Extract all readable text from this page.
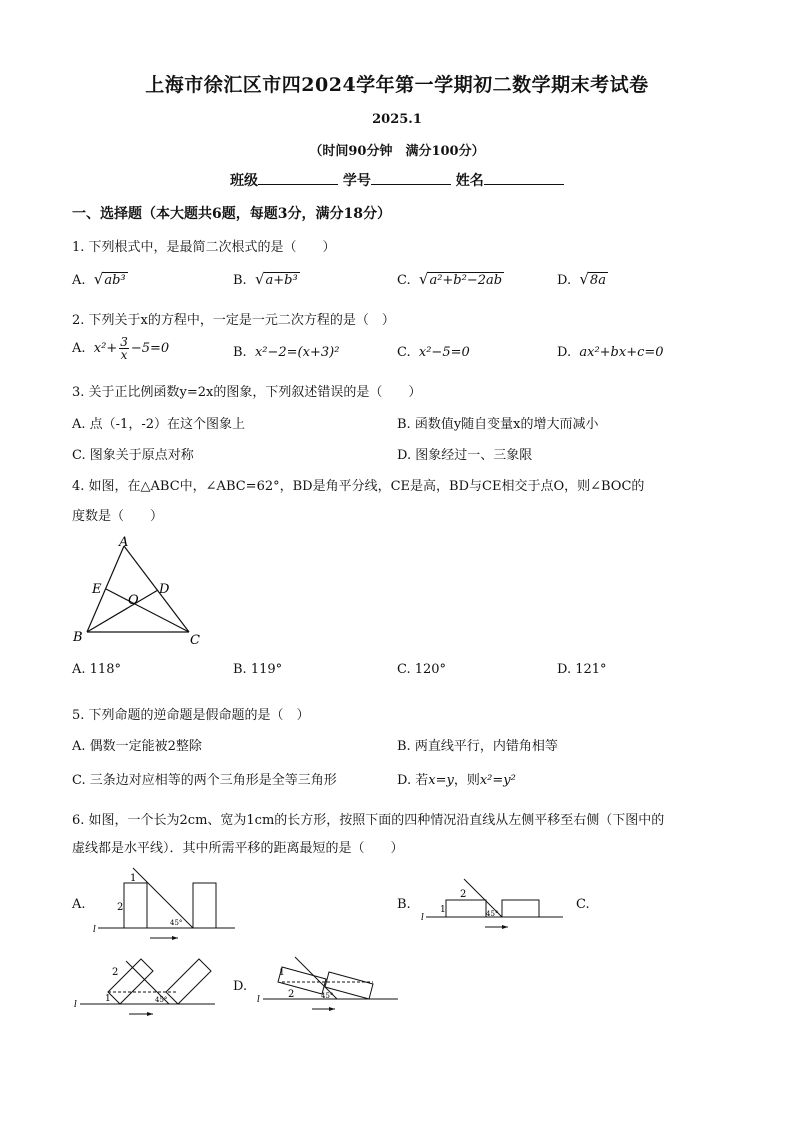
上海市徐汇区市四2024学年第一学期初二数学期末考试卷
2025.1
（时间90分钟　满分100分）
班级	学号	姓名
一、选择题（本大题共6题，每题3分，满分18分）
1. 下列根式中，是最简二次根式的是（　　）
A. √ab³	B. √a+b³	C. √a²+b²−2ab	D. √8a
2. 下列关于x的方程中，一定是一元二次方程的是（　）
A. $x^2+ \frac{3}{x} -5=0$	B. x²−2=(x+3)²	C. x²−5=0	D. ax²+bx+c=0
3. 关于正比例函数y=2x的图象，下列叙述错误的是（　　）
A. 点（-1，-2）在这个图象上	B. 函数值y随自变量x的增大而减小
C. 图象关于原点对称	D. 图象经过一、三象限
4. 如图，在△ABC中，∠ABC=62°，BD是角平分线，CE是高，BD与CE相交于点O，则∠BOC的
度数是（　　）
A
E	D
O
B	C
A. 118°	B. 119°	C. 120°	D. 121°
5. 下列命题的逆命题是假命题的是（　）
A. 偶数一定能被2整除	B. 两直线平行，内错角相等
C. 三条边对应相等的两个三角形是全等三角形	D. 若x=y，则x²=y²
6. 如图，一个长为2cm、宽为1cm的长方形，按照下面的四种情况沿直线从左侧平移至右侧（下图中的
虚线都是水平线）．其中所需平移的距离最短的是（　　）
A.
1
2
45°
l
B.	1
2
45°
l
C.
2
1	45°
l
D.
1
2	45°
l
